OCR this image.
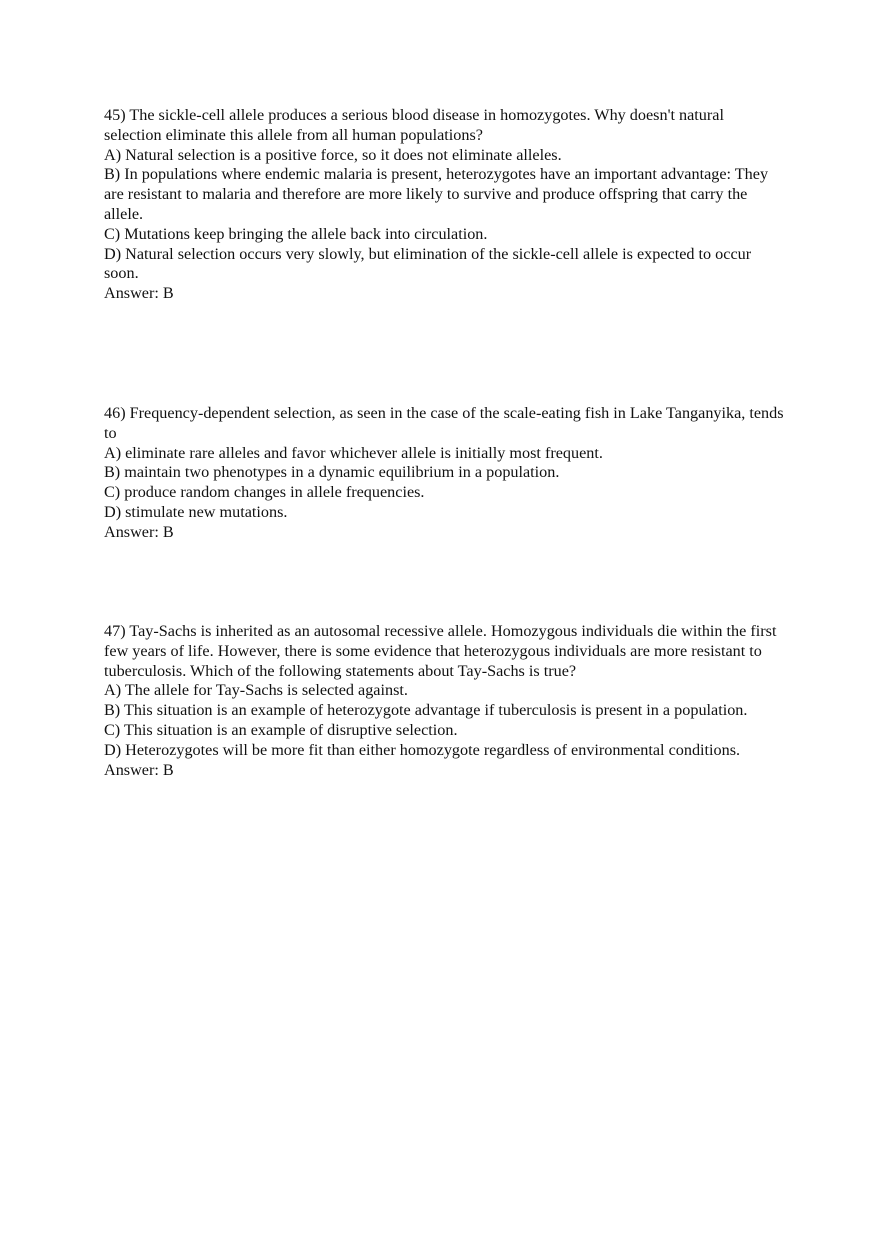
45) The sickle-cell allele produces a serious blood disease in homozygotes. Why doesn't natural selection eliminate this allele from all human populations?

A) Natural selection is a positive force, so it does not eliminate alleles.

B) In populations where endemic malaria is present, heterozygotes have an important advantage: They are resistant to malaria and therefore are more likely to survive and produce offspring that carry the allele.

C) Mutations keep bringing the allele back into circulation.

D) Natural selection occurs very slowly, but elimination of the sickle-cell allele is expected to occur soon.

Answer: B

46) Frequency-dependent selection, as seen in the case of the scale-eating fish in Lake Tanganyika, tends to

A) eliminate rare alleles and favor whichever allele is initially most frequent.

B) maintain two phenotypes in a dynamic equilibrium in a population.

C) produce random changes in allele frequencies.

D) stimulate new mutations.

Answer: B

47) Tay-Sachs is inherited as an autosomal recessive allele. Homozygous individuals die within the first few years of life. However, there is some evidence that heterozygous individuals are more resistant to tuberculosis. Which of the following statements about Tay-Sachs is true?

A) The allele for Tay-Sachs is selected against.

B) This situation is an example of heterozygote advantage if tuberculosis is present in a population.

C) This situation is an example of disruptive selection.

D) Heterozygotes will be more fit than either homozygote regardless of environmental conditions.

Answer: B
